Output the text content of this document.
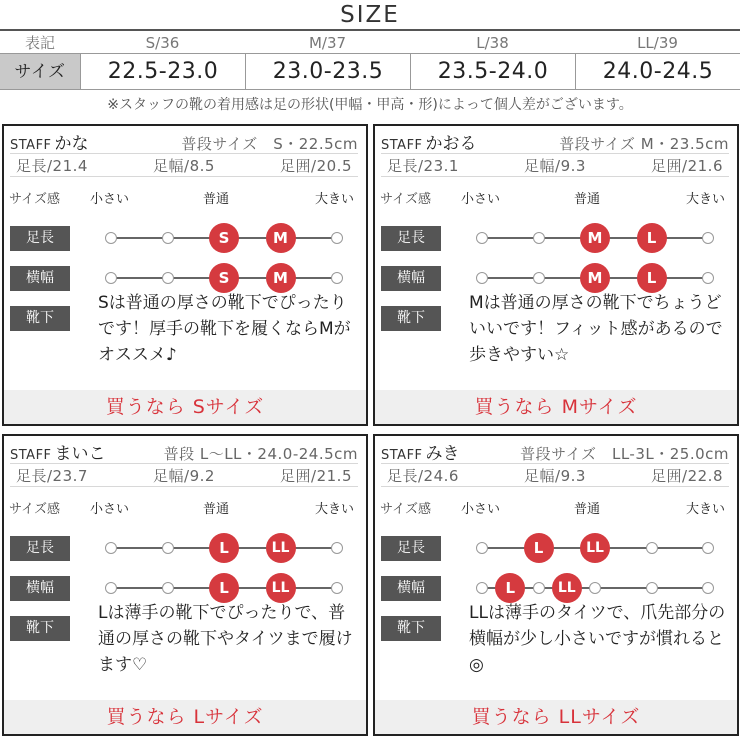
SIZE
表記	S/36	M/37	L/38	LL/39
サイズ	22.5-23.0	23.0-23.5	23.5-24.0	24.0-24.5
※スタッフの靴の着用感は足の形状(甲幅・甲高・形)によって個人差がございます。
STAFF かな	普段サイズ　S・22.5cm
足長/21.4	足幅/8.5	足囲/20.5
サイズ感 小さい	普通	大きい
足長
横幅
靴下
S	M
S	M
Sは普通の厚さの靴下でぴったりです！厚手の靴下を履くならMがオススメ♪
買うなら Sサイズ
STAFF かおる	普段サイズ M・23.5cm
足長/23.1	足幅/9.3	足囲/21.6
サイズ感 小さい	普通	大きい
足長
横幅
靴下
M	L
M	L
Mは普通の厚さの靴下でちょうどいいです！フィット感があるので歩きやすい☆
買うなら Mサイズ
STAFF まいこ	普段 L〜LL・24.0-24.5cm
足長/23.7	足幅/9.2	足囲/21.5
サイズ感 小さい	普通	大きい
足長
横幅
靴下
L	LL
L	LL
Lは薄手の靴下でぴったりで、普通の厚さの靴下やタイツまで履けます♡
買うなら Lサイズ
STAFF みき	普段サイズ　LL-3L・25.0cm
足長/24.6	足幅/9.3	足囲/22.8
サイズ感 小さい	普通	大きい
足長
横幅
靴下
L	LL
L	LL
LLは薄手のタイツで、爪先部分の横幅が少し小さいですが慣れると◎
買うなら LLサイズ
